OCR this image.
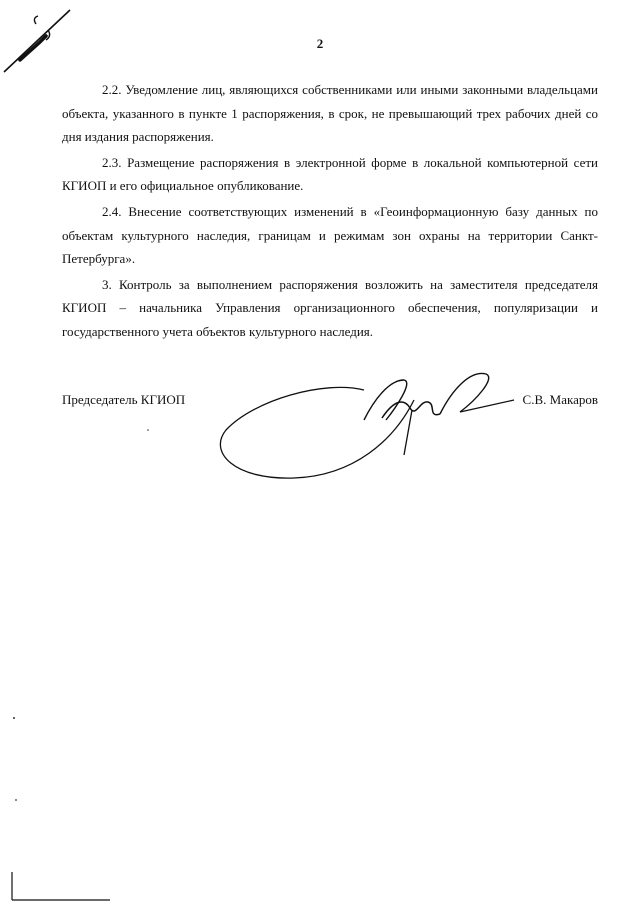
2

2.2. Уведомление лиц, являющихся собственниками или иными законными владельцами объекта, указанного в пункте 1 распоряжения, в срок, не превышающий трех рабочих дней со дня издания распоряжения.

2.3. Размещение распоряжения в электронной форме в локальной компьютерной сети КГИОП и его официальное опубликование.

2.4. Внесение соответствующих изменений в «Геоинформационную базу данных по объектам культурного наследия, границам и режимам зон охраны на территории Санкт-Петербурга».

3. Контроль за выполнением распоряжения возложить на заместителя председателя КГИОП – начальника Управления организационного обеспечения, популяризации и государственного учета объектов культурного наследия.

Председатель КГИОП	С.В. Макаров
